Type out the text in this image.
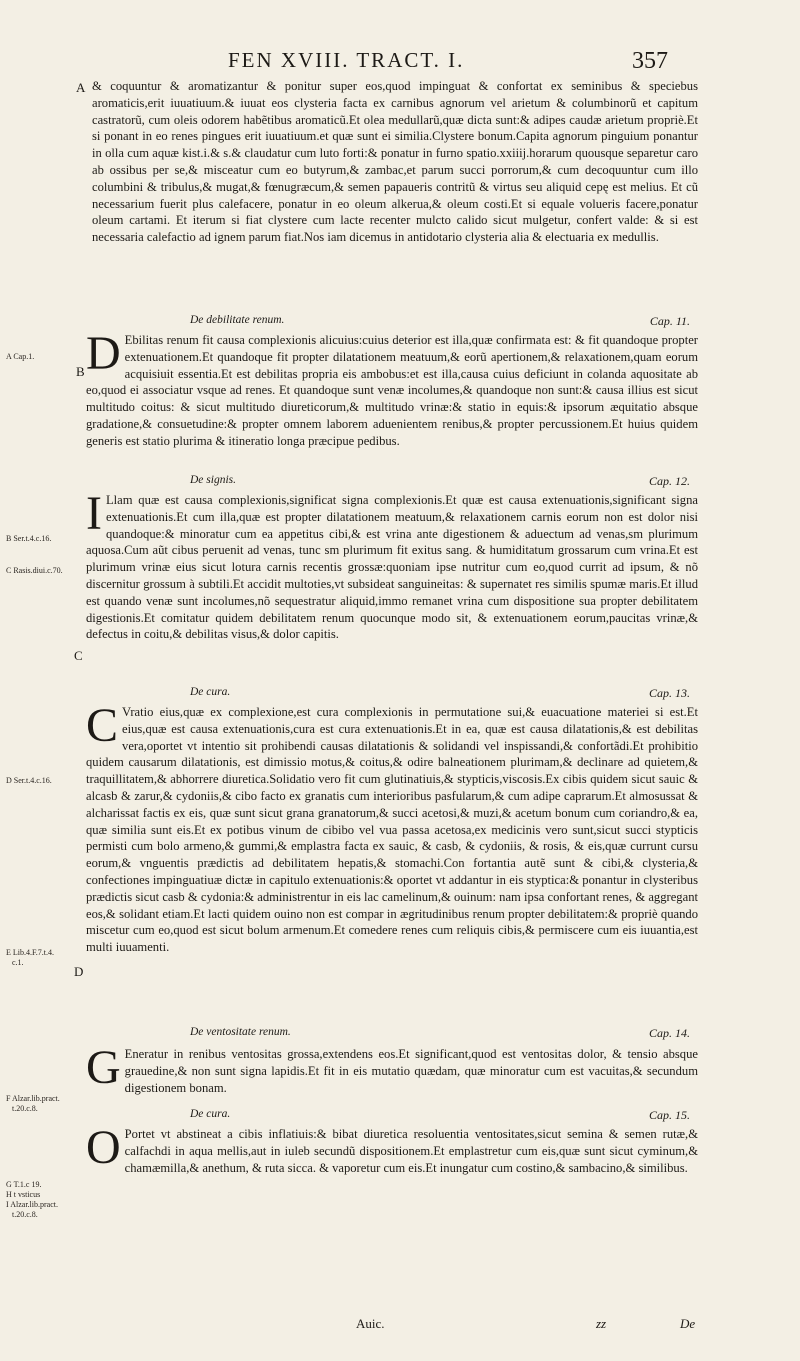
FEN XVIII. TRACT. I.	357
A Cap.1.
B Ser.t.4.c.16.
C Rasis.diui.c.70.
D Ser.t.4.c.16.
E Lib.4.F.7.t.4.
c.1.
F Alzar.lib.pract.
t.20.c.8.
G T.1.c 19.
H t vsticus
I Alzar.lib.pract.
t.20.c.8.
A
B
C
D
& coquuntur & aromatizantur & ponitur super eos,quod impinguat & confortat ex seminibus & speciebus aromaticis,erit iuuatiuum.& iuuat eos clysteria facta ex carnibus agnorum vel arietum & columbinorũ et capitum castratorũ, cum oleis odorem habẽtibus aromaticũ.Et olea medullarũ,quæ dicta sunt:& adipes caudæ arietum propriè.Et si ponant in eo renes pingues erit iuuatiuum.et quæ sunt ei similia.Clystere bonum.Capita agnorum pinguium ponantur in olla cum aquæ kist.i.& s.& claudatur cum luto forti:& ponatur in furno spatio.xxiiij.horarum quousque separetur caro ab ossibus per se,& misceatur cum eo butyrum,& zambac,et parum succi porrorum,& cum decoquuntur cum illo columbini & tribulus,& mugat,& fœnugræcum,& semen papaueris contritũ & virtus seu aliquid cepę est melius. Et cũ necessarium fuerit plus calefacere, ponatur in eo oleum alkerua,& oleum costi.Et si equale volueris facere,ponatur oleum cartami. Et iterum si fiat clystere cum lacte recenter mulcto calido sicut mulgetur, confert valde: & si est necessaria calefactio ad ignem parum fiat.Nos iam dicemus in antidotario clysteria alia & electuaria ex medullis.
De debilitate renum.	Cap. 11.
D Ebilitas renum fit causa complexionis alicuius:cuius deterior est illa,quæ confirmata est: & fit quandoque propter extenuationem.Et quandoque fit propter dilatationem meatuum,& eorũ apertionem,& relaxationem,quam eorum acquisiuit essentia.Et est debilitas propria eis ambobus:et est illa,causa cuius deficiunt in colanda aquositate ab eo,quod ei associatur vsque ad renes. Et quandoque sunt venæ incolumes,& quandoque non sunt:& causa illius est sicut multitudo coitus: & sicut multitudo diureticorum,& multitudo vrinæ:& statio in equis:& ipsorum æquitatio absque gradatione,& consuetudine:& propter omnem laborem aduenientem renibus,& propter percussionem.Et huius quidem generis est statio plurima & itineratio longa præcipue pedibus.
De signis.	Cap. 12.
I Llam quæ est causa complexionis,significat signa complexionis.Et quæ est causa extenuationis,significant signa extenuationis.Et cum illa,quæ est propter dilatationem meatuum,& relaxationem carnis eorum non est dolor nisi quandoque:& minoratur cum ea appetitus cibi,& est vrina ante digestionem & aduectum ad venas,sm plurimum aquosa.Cum aũt cibus peruenit ad venas, tunc sm plurimum fit exitus sang. & humiditatum grossarum cum vrina.Et est plurimum vrinæ eius sicut lotura carnis recentis grossæ:quoniam ipse nutritur cum eo,quod currit ad ipsum, & nõ discernitur grossum à subtili.Et accidit multoties,vt subsideat sanguineitas: & supernatet res similis spumæ maris.Et illud est quando venæ sunt incolumes,nõ sequestratur aliquid,immo remanet vrina cum dispositione sua propter debilitatem digestionis.Et comitatur quidem debilitatem renum quocunque modo sit, & extenuationem eorum,paucitas vrinæ,& defectus in coitu,& debilitas visus,& dolor capitis.
De cura.	Cap. 13.
C Vratio eius,quæ ex complexione,est cura complexionis in permutatione sui,& euacuatione materiei si est.Et eius,quæ est causa extenuationis,cura est cura extenuationis.Et in ea, quæ est causa dilatationis,& est debilitas vera,oportet vt intentio sit prohibendi causas dilatationis & solidandi vel inspissandi,& confortãdi.Et prohibitio quidem causarum dilatationis, est dimissio motus,& coitus,& odire balneationem plurimam,& declinare ad quietem,& traquillitatem,& abhorrere diuretica.Solidatio vero fit cum glutinatiuis,& stypticis,viscosis.Ex cibis quidem sicut sauic & alcasb & zarur,& cydoniis,& cibo facto ex granatis cum interioribus pasfularum,& cum adipe caprarum.Et almosussat & alcharissat factis ex eis, quæ sunt sicut grana granatorum,& succi acetosi,& muzi,& acetum bonum cum coriandro,& ea, quæ similia sunt eis.Et ex potibus vinum de cibibo vel vua passa acetosa,ex medicinis vero sunt,sicut succi stypticis permisti cum bolo armeno,& gummi,& emplastra facta ex sauic, & casb, & cydoniis, & rosis, & eis,quæ currunt cursu eorum,& vnguentis prædictis ad debilitatem hepatis,& stomachi.Con fortantia autẽ sunt & cibi,& clysteria,& confectiones impinguatiuæ dictæ in capitulo extenuationis:& oportet vt addantur in eis styptica:& ponantur in clysteribus prædictis sicut casb & cydonia:& administrentur in eis lac camelinum,& ouinum: nam ipsa confortant renes, & aggregant eos,& solidant etiam.Et lacti quidem ouino non est compar in ægritudinibus renum propter debilitatem:& propriè quando miscetur cum eo,quod est sicut bolum armenum.Et comedere renes cum reliquis cibis,& permiscere cum eis iuuantia,est multi iuuamenti.
De ventositate renum.	Cap. 14.
G Eneratur in renibus ventositas grossa,extendens eos.Et significant,quod est ventositas dolor, & tensio absque grauedine,& non sunt signa lapidis.Et fit in eis mutatio quædam, quæ minoratur cum est vacuitas,& secundum digestionem bonam.
De cura.	Cap. 15.
O Portet vt abstineat a cibis inflatiuis:& bibat diuretica resoluentia ventositates,sicut semina & semen rutæ,& calfachdi in aqua mellis,aut in iuleb secundũ dispositionem.Et emplastretur cum eis,quæ sunt sicut cyminum,& chamæmilla,& anethum, & ruta sicca. & vaporetur cum eis.Et inungatur cum costino,& sambacino,& similibus.
Auic.	zz	De
